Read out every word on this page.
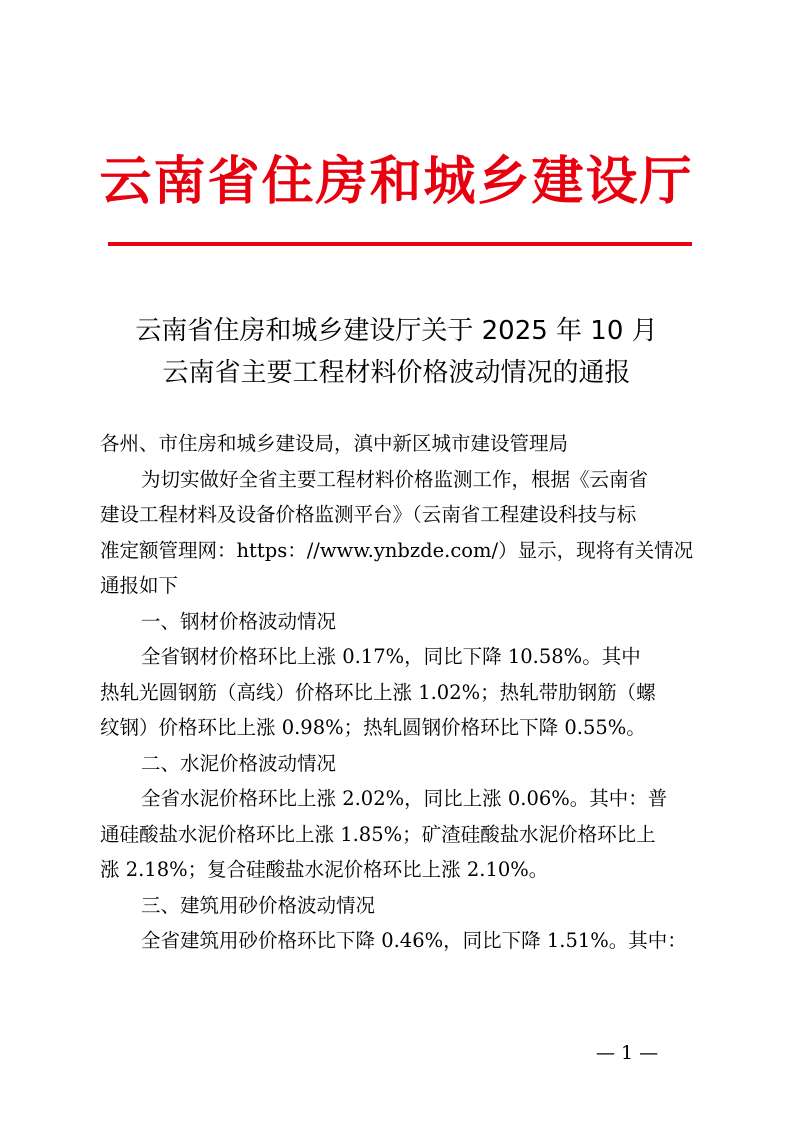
云南省住房和城乡建设厅
云南省住房和城乡建设厅关于 2025 年 10 月
云南省主要工程材料价格波动情况的通报
各州、市住房和城乡建设局，滇中新区城市建设管理局
为切实做好全省主要工程材料价格监测工作，根据《云南省
建设工程材料及设备价格监测平台》（云南省工程建设科技与标
准定额管理网：https：//www.ynbzde.com/）显示，现将有关情况
通报如下
一、钢材价格波动情况
全省钢材价格环比上涨 0.17%，同比下降 10.58%。其中
热轧光圆钢筋（高线）价格环比上涨 1.02%；热轧带肋钢筋（螺
纹钢）价格环比上涨 0.98%；热轧圆钢价格环比下降 0.55%。
二、水泥价格波动情况
全省水泥价格环比上涨 2.02%，同比上涨 0.06%。其中：普
通硅酸盐水泥价格环比上涨 1.85%；矿渣硅酸盐水泥价格环比上
涨 2.18%；复合硅酸盐水泥价格环比上涨 2.10%。
三、建筑用砂价格波动情况
全省建筑用砂价格环比下降 0.46%，同比下降 1.51%。其中：
— 1 —
